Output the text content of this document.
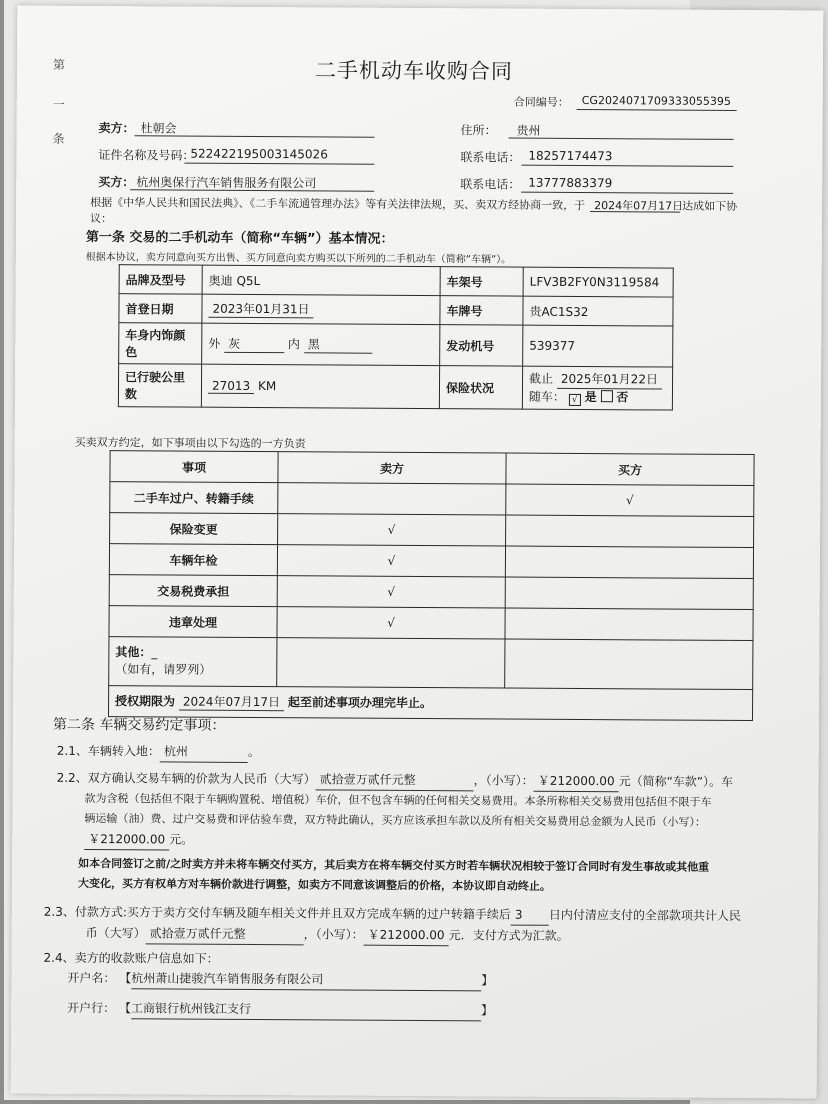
第
一
条
二手机动车收购合同
合同编号： CG2024071709333055395
卖方： 杜朝会	住所： 贵州
证件名称及号码：
522422195003145026	联系电话： 18257174473
买方： 杭州奥保行汽车销售服务有限公司	联系电话： 13777883379
根据《中华人民共和国民法典》、《二手车流通管理办法》等有关法律法规，买、卖双方经协商一致，于 2024年07月17日
达成如下协
议：
第一条 交易的二手机动车（简称“车辆”）基本情况：
根据本协议，卖方同意向买方出售、买方同意向卖方购买以下所列的二手机动车（简称“车辆”）。
品牌及型号	奥迪 Q5L	车架号	LFV3B2FY0N3119584
首登日期	2023年01月31日	车牌号	贵AC1S32
车身内饰颜色	外 灰 内 黑	发动机号	539377
已行驶公里数	27013 KM	保险状况	截止 2025年01月22日
随车： √ 是 否
买卖双方约定，如下事项由以下勾选的一方负责
事项	卖方	买方
二手车过户、转籍手续		√
保险变更	√	
车辆年检	√	
交易税费承担	√	
违章处理	√	
其他：_
（如有，请罗列）		
授权期限为 2024年07月17日 起至前述事项办理完毕止。		
第二条 车辆交易约定事项：
2.1、车辆转入地： 杭州	。
2.2、双方确认交易车辆的价款为人民币（大写） 贰拾壹万贰仟元整	，（小写）： ￥212000.00 元（简称“车款”）。车
款为含税（包括但不限于车辆购置税、增值税）车价，但不包含车辆的任何相关交易费用。本条所称相关交易费用包括但不限于车
辆运输（油）费、过户交易费和评估验车费，双方特此确认，买方应该承担车款以及所有相关交易费用总金额为人民币（小写）：
￥212000.00 元。
如本合同签订之前/之时卖方并未将车辆交付买方，其后卖方在将车辆交付买方时若车辆状况相较于签订合同时有发生事故或其他重
大变化，买方有权单方对车辆价款进行调整，如卖方不同意该调整后的价格，本协议即自动终止。
2.3、付款方式:买方于卖方交付车辆及随车相关文件并且双方完成车辆的过户转籍手续后 3 日内付清应支付的全部款项共计人民
币（大写） 贰拾壹万贰仟元整	，（小写）： ￥212000.00 元．支付方式为汇款。
2.4、卖方的收款账户信息如下：
开户名： 【杭州萧山捷骏汽车销售服务有限公司	】
开户行： 【工商银行杭州钱江支行	】
